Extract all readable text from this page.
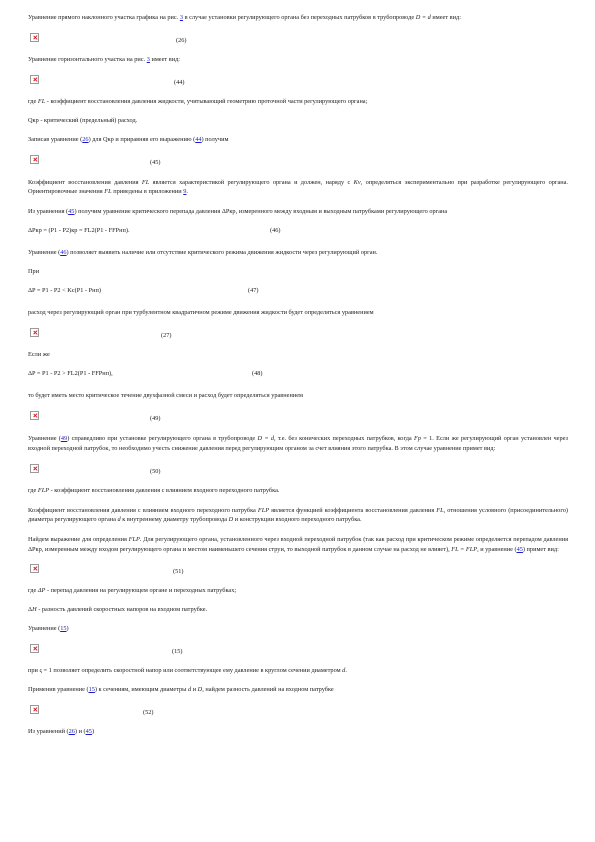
Уравнение прямого наклонного участка графика на рис. 3 в случае установки регулирующего органа без переходных патрубков в трубопроводе D = d имеет вид:

(26)

Уравнение горизонтального участка на рис. 3 имеет вид:

(44)

где FL - коэффициент восстановления давления жидкости, учитывающий геометрию проточной части регулирующего органа;

Qкр - критический (предельный) расход.

Записав уравнение (26) для Qкр и приравняв его выражению (44) получим

(45)

Коэффициент восстановления давления FL является характеристикой регулирующего органа и должен, наряду с Kv, определяться экспериментально при разработке регулирующего органа. Ориентировочные значения FL приведены в приложении 9.

Из уравнения (45) получим уравнение критического перепада давления ΔPкр, измеренного между входным и выходным патрубками регулирующего органа

ΔPкр = (P1 - P2)кр = FL2(P1 - FFPнп).	(46)

Уравнение (46) позволяет выявить наличие или отсутствие критического режима движения жидкости через регулирующий орган.

При

ΔP = P1 - P2 < Kс(P1 - Pнп)	(47)

расход через регулирующий орган при турбулентном квадратичном режиме движения жидкости будет определяться уравнением

(27)

Если же

ΔP = P1 - P2 > FL2(P1 - FFPнп),	(48)

то будет иметь место критическое течение двухфазной смеси и расход будет определяться уравнением

(49)

Уравнение (49) справедливо при установке регулирующего органа в трубопроводе D = d, т.е. без конических переходных патрубков, когда Fp = 1. Если же регулирующий орган установлен через входной переходной патрубок, то необходимо учесть снижение давления перед регулирующим органом за счет влияния этого патрубка. В этом случае уравнение примет вид:

(50)

где FLP - коэффициент восстановления давления с влиянием входного переходного патрубка.

Коэффициент восстановления давления с влиянием входного переходного патрубка FLP является функцией коэффициента восстановления давления FL, отношения условного (присоединительного) диаметра регулирующего органа d к внутреннему диаметру трубопровода D и конструкции входного переходного патрубка.

Найдем выражение для определения FLP. Для регулирующего органа, установленного через входной переходной патрубок (так как расход при критическом режиме определяется перепадом давления ΔPкр, измеренным между входом регулирующего органа и местом наименьшего сечения струи, то выходной патрубок в данном случае на расход не влияет), FL = FLP, и уравнение (45) примет вид:

(51)

где ΔP - перепад давления на регулирующем органе и переходных патрубках;

ΔH - разность давлений скоростных напоров на входном патрубке.

Уравнение (15)

(15)

при ς = 1 позволяет определить скоростной напор или соответствующее ему давление в круглом сечении диаметром d.

Применив уравнение (15) к сечениям, имеющим диаметры d и D, найдем разность давлений на входном патрубке

(52)

Из уравнений (26) и (45)
